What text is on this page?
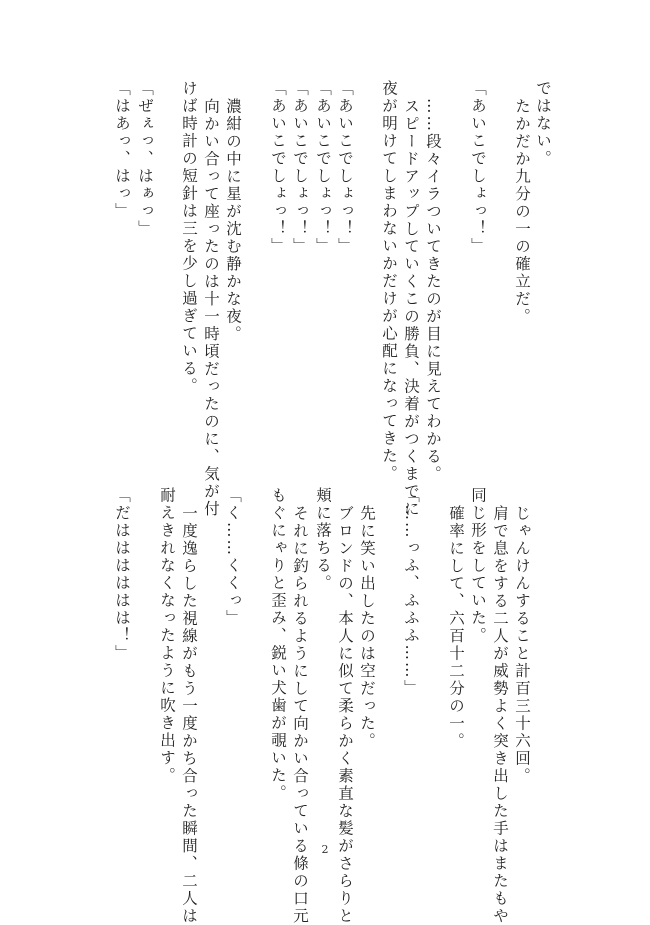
ではない。
たかだか九分の一の確立だ。
「あいこでしょっ！」
……段々イラついてきたのが目に見えてわかる。
スピードアップしていくこの勝負、決着がつくまでに
夜が明けてしまわないかだけが心配になってきた。
「あいこでしょっ！」
「あいこでしょっ！」
「あいこでしょっ！」
「あいこでしょっ！」
濃紺の中に星が沈む静かな夜。
向かい合って座ったのは十一時頃だったのに、気が付
けば時計の短針は三を少し過ぎている。
「ぜぇっ、はぁっ」
「はあっ、はっ」
じゃんけんすること計百三十六回。
肩で息をする二人が威勢よく突き出した手はまたもや
同じ形をしていた。
確率にして、六百十二分の一。
「……っふ、ふふふ……」
先に笑い出したのは空だった。
ブロンドの、本人に似て柔らかく素直な髪がさらりと
頬に落ちる。
それに釣られるようにして向かい合っている條の口元
もぐにゃりと歪み、鋭い犬歯が覗いた。
「く……くくっ」
一度逸らした視線がもう一度かち合った瞬間、二人は
耐えきれなくなったように吹き出す。
「だはははははは！」
2
